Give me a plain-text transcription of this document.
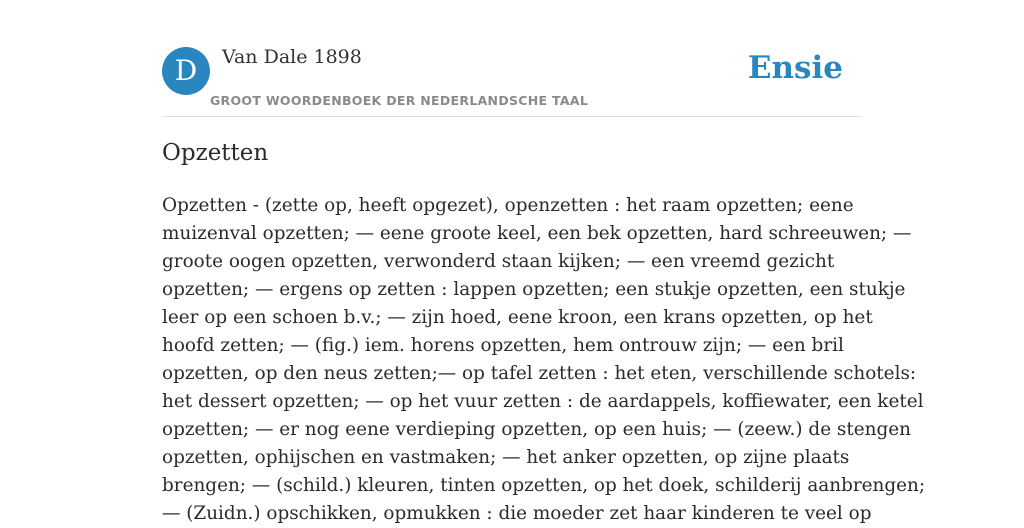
D	Van Dale 1898
GROOT WOORDENBOEK DER NEDERLANDSCHE TAAL
Ensie
Opzetten

Opzetten - (zette op, heeft opgezet), openzetten : het raam opzetten; eene
muizenval opzetten; — eene groote keel, een bek opzetten, hard schreeuwen; —
groote oogen opzetten, verwonderd staan kijken; — een vreemd gezicht
opzetten; — ergens op zetten : lappen opzetten; een stukje opzetten, een stukje
leer op een schoen b.v.; — zijn hoed, eene kroon, een krans opzetten, op het
hoofd zetten; — (fig.) iem. horens opzetten, hem ontrouw zijn; — een bril
opzetten, op den neus zetten;— op tafel zetten : het eten, verschillende schotels:
het dessert opzetten; — op het vuur zetten : de aardappels, koffiewater, een ketel
opzetten; — er nog eene verdieping opzetten, op een huis; — (zeew.) de stengen
opzetten, ophijschen en vastmaken; — het anker opzetten, op zijne plaats
brengen; — (schild.) kleuren, tinten opzetten, op het doek, schilderij aanbrengen;
— (Zuidn.) opschikken, opmukken : die moeder zet haar kinderen te veel op
